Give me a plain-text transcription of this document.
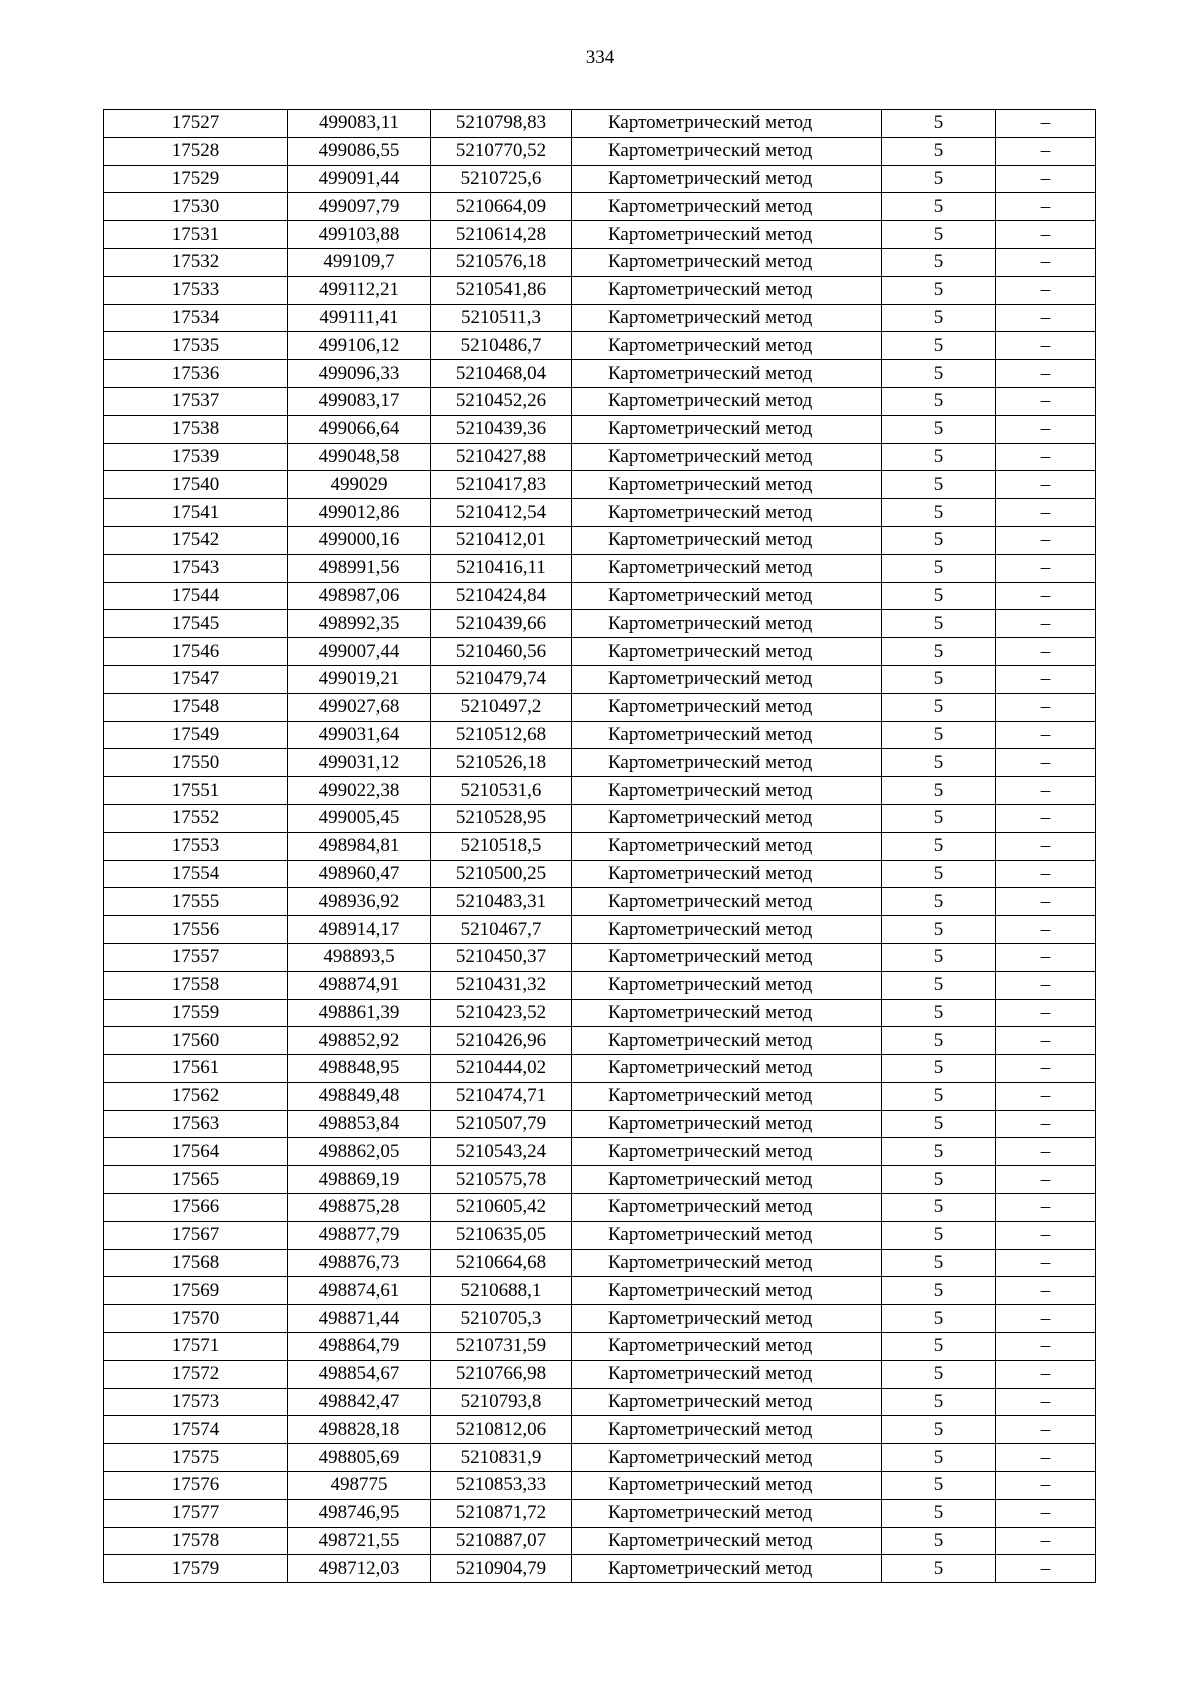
334
17527	499083,11	5210798,83	Картометрический метод	5	–
17528	499086,55	5210770,52	Картометрический метод	5	–
17529	499091,44	5210725,6	Картометрический метод	5	–
17530	499097,79	5210664,09	Картометрический метод	5	–
17531	499103,88	5210614,28	Картометрический метод	5	–
17532	499109,7	5210576,18	Картометрический метод	5	–
17533	499112,21	5210541,86	Картометрический метод	5	–
17534	499111,41	5210511,3	Картометрический метод	5	–
17535	499106,12	5210486,7	Картометрический метод	5	–
17536	499096,33	5210468,04	Картометрический метод	5	–
17537	499083,17	5210452,26	Картометрический метод	5	–
17538	499066,64	5210439,36	Картометрический метод	5	–
17539	499048,58	5210427,88	Картометрический метод	5	–
17540	499029	5210417,83	Картометрический метод	5	–
17541	499012,86	5210412,54	Картометрический метод	5	–
17542	499000,16	5210412,01	Картометрический метод	5	–
17543	498991,56	5210416,11	Картометрический метод	5	–
17544	498987,06	5210424,84	Картометрический метод	5	–
17545	498992,35	5210439,66	Картометрический метод	5	–
17546	499007,44	5210460,56	Картометрический метод	5	–
17547	499019,21	5210479,74	Картометрический метод	5	–
17548	499027,68	5210497,2	Картометрический метод	5	–
17549	499031,64	5210512,68	Картометрический метод	5	–
17550	499031,12	5210526,18	Картометрический метод	5	–
17551	499022,38	5210531,6	Картометрический метод	5	–
17552	499005,45	5210528,95	Картометрический метод	5	–
17553	498984,81	5210518,5	Картометрический метод	5	–
17554	498960,47	5210500,25	Картометрический метод	5	–
17555	498936,92	5210483,31	Картометрический метод	5	–
17556	498914,17	5210467,7	Картометрический метод	5	–
17557	498893,5	5210450,37	Картометрический метод	5	–
17558	498874,91	5210431,32	Картометрический метод	5	–
17559	498861,39	5210423,52	Картометрический метод	5	–
17560	498852,92	5210426,96	Картометрический метод	5	–
17561	498848,95	5210444,02	Картометрический метод	5	–
17562	498849,48	5210474,71	Картометрический метод	5	–
17563	498853,84	5210507,79	Картометрический метод	5	–
17564	498862,05	5210543,24	Картометрический метод	5	–
17565	498869,19	5210575,78	Картометрический метод	5	–
17566	498875,28	5210605,42	Картометрический метод	5	–
17567	498877,79	5210635,05	Картометрический метод	5	–
17568	498876,73	5210664,68	Картометрический метод	5	–
17569	498874,61	5210688,1	Картометрический метод	5	–
17570	498871,44	5210705,3	Картометрический метод	5	–
17571	498864,79	5210731,59	Картометрический метод	5	–
17572	498854,67	5210766,98	Картометрический метод	5	–
17573	498842,47	5210793,8	Картометрический метод	5	–
17574	498828,18	5210812,06	Картометрический метод	5	–
17575	498805,69	5210831,9	Картометрический метод	5	–
17576	498775	5210853,33	Картометрический метод	5	–
17577	498746,95	5210871,72	Картометрический метод	5	–
17578	498721,55	5210887,07	Картометрический метод	5	–
17579	498712,03	5210904,79	Картометрический метод	5	–
